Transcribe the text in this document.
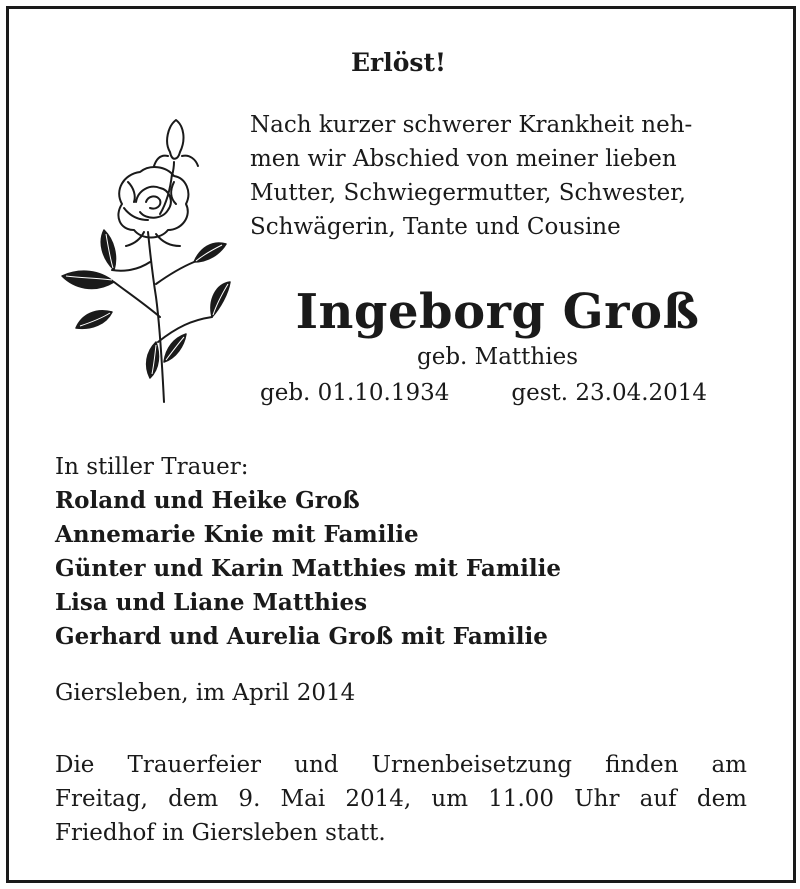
Erlöst!
Nach kurzer schwerer Krankheit neh-
men wir Abschied von meiner lieben
Mutter, Schwiegermutter, Schwester,
Schwägerin, Tante und Cousine
Ingeborg Groß
geb. Matthies
geb. 01.10.1934	gest. 23.04.2014
In stiller Trauer:
Roland und Heike Groß
Annemarie Knie mit Familie
Günter und Karin Matthies mit Familie
Lisa und Liane Matthies
Gerhard und Aurelia Groß mit Familie
Giersleben, im April 2014
Die Trauerfeier und Urnenbeisetzung finden am
Freitag, dem 9. Mai 2014, um 11.00 Uhr auf dem
Friedhof in Giersleben statt.
